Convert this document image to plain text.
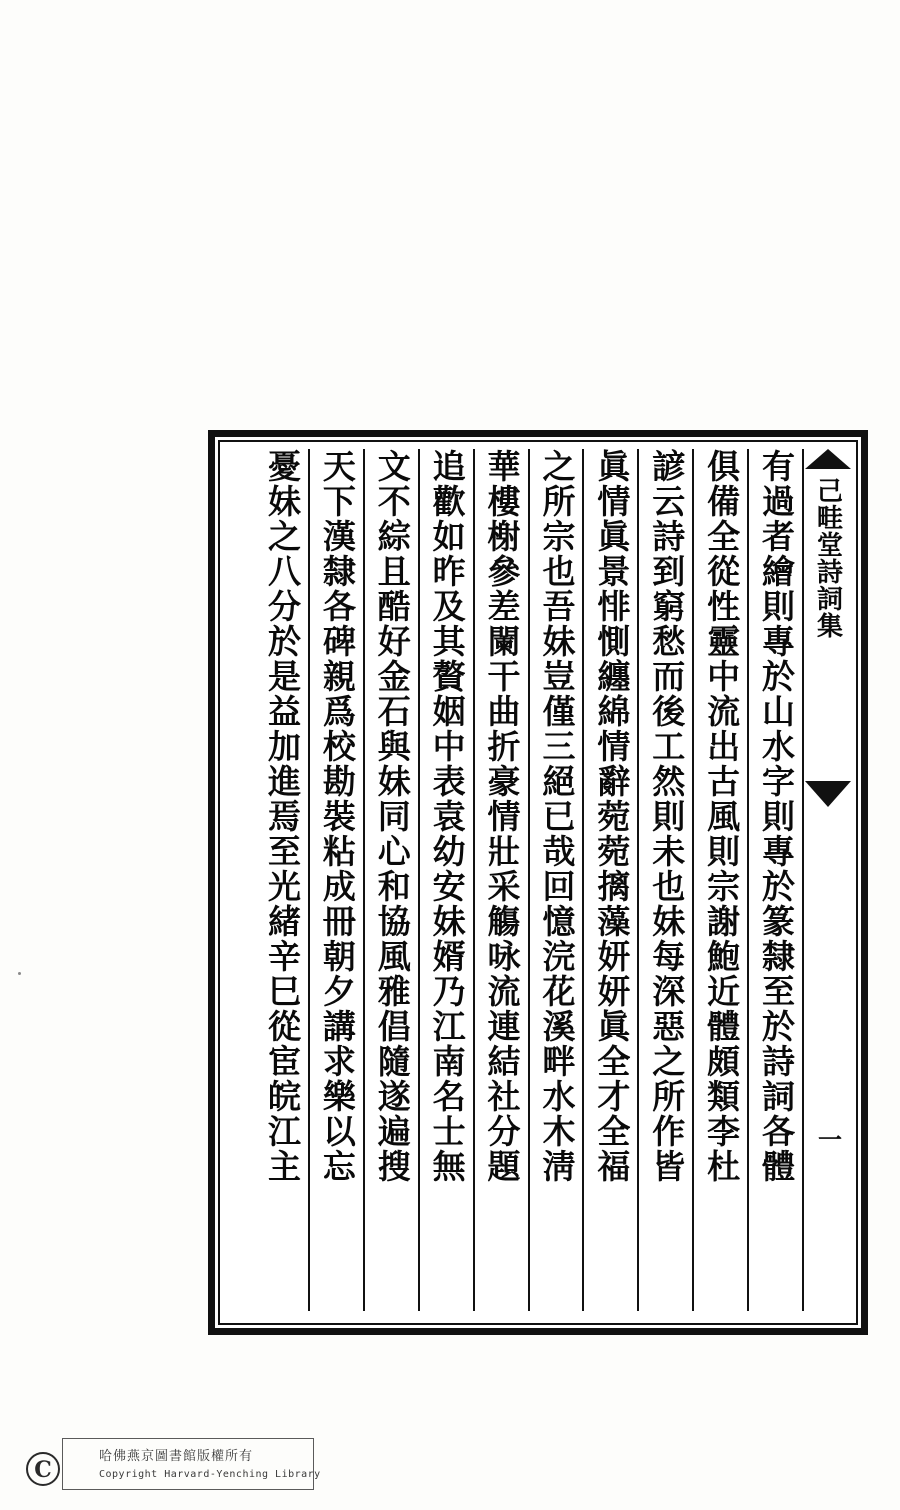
己畦堂詩詞集
一
有過者繪則專於山水字則專於篆隸至於詩詞各體
俱備全從性靈中流出古風則宗謝鮑近體頗類李杜
諺云詩到窮愁而後工然則未也妹每深惡之所作皆
眞情眞景悱惻纏綿情辭菀菀摛藻妍妍眞全才全福
之所宗也吾妹豈僅三絕已哉回憶浣花溪畔水木淸
華樓榭參差闌干曲折豪情壯采觴咏流連結社分題
追歡如昨及其贅姻中表袁幼安妹婿乃江南名士無
文不綜且酷好金石與妹同心和協風雅倡隨遂遍搜
天下漢隸各碑親爲校勘裝粘成冊朝夕講求樂以忘
憂妹之八分於是益加進焉至光緒辛巳從宦皖江主
C
哈佛燕京圖書館版權所有
Copyright Harvard-Yenching Library
